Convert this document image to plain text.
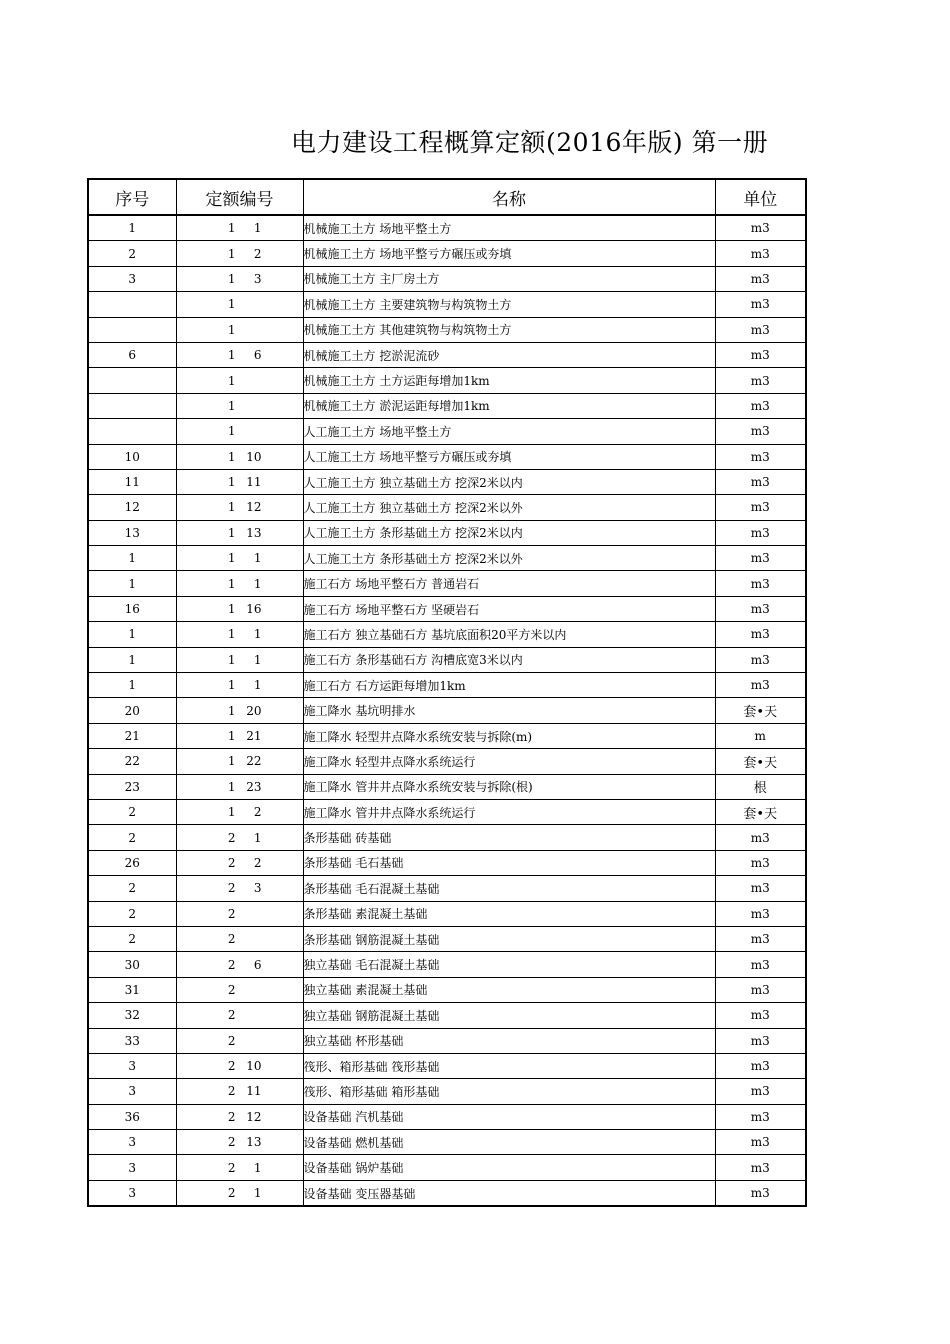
电力建设工程概算定额(2016年版) 第一册
序号	定额编号	名称	单位
1	1 1	机械施工土方 场地平整土方	m3
2	1 2	机械施工土方 场地平整亏方碾压或夯填	m3
3	1 3	机械施工土方 主厂房土方	m3
	1	机械施工土方 主要建筑物与构筑物土方	m3
	1	机械施工土方 其他建筑物与构筑物土方	m3
6	1 6	机械施工土方 挖淤泥流砂	m3
	1	机械施工土方 土方运距每增加1km	m3
	1	机械施工土方 淤泥运距每增加1km	m3
	1	人工施工土方 场地平整土方	m3
10	1 10	人工施工土方 场地平整亏方碾压或夯填	m3
11	1 11	人工施工土方 独立基础土方 挖深2米以内	m3
12	1 12	人工施工土方 独立基础土方 挖深2米以外	m3
13	1 13	人工施工土方 条形基础土方 挖深2米以内	m3
1	1 1	人工施工土方 条形基础土方 挖深2米以外	m3
1	1 1	施工石方 场地平整石方 普通岩石	m3
16	1 16	施工石方 场地平整石方 坚硬岩石	m3
1	1 1	施工石方 独立基础石方 基坑底面积20平方米以内	m3
1	1 1	施工石方 条形基础石方 沟槽底宽3米以内	m3
1	1 1	施工石方 石方运距每增加1km	m3
20	1 20	施工降水 基坑明排水	套•天
21	1 21	施工降水 轻型井点降水系统安装与拆除(m)	m
22	1 22	施工降水 轻型井点降水系统运行	套•天
23	1 23	施工降水 管井井点降水系统安装与拆除(根)	根
2	1 2	施工降水 管井井点降水系统运行	套•天
2	2 1	条形基础 砖基础	m3
26	2 2	条形基础 毛石基础	m3
2	2 3	条形基础 毛石混凝土基础	m3
2	2	条形基础 素混凝土基础	m3
2	2	条形基础 钢筋混凝土基础	m3
30	2 6	独立基础 毛石混凝土基础	m3
31	2	独立基础 素混凝土基础	m3
32	2	独立基础 钢筋混凝土基础	m3
33	2	独立基础 杯形基础	m3
3	2 10	筏形、箱形基础 筏形基础	m3
3	2 11	筏形、箱形基础 箱形基础	m3
36	2 12	设备基础 汽机基础	m3
3	2 13	设备基础 燃机基础	m3
3	2 1	设备基础 锅炉基础	m3
3	2 1	设备基础 变压器基础	m3
